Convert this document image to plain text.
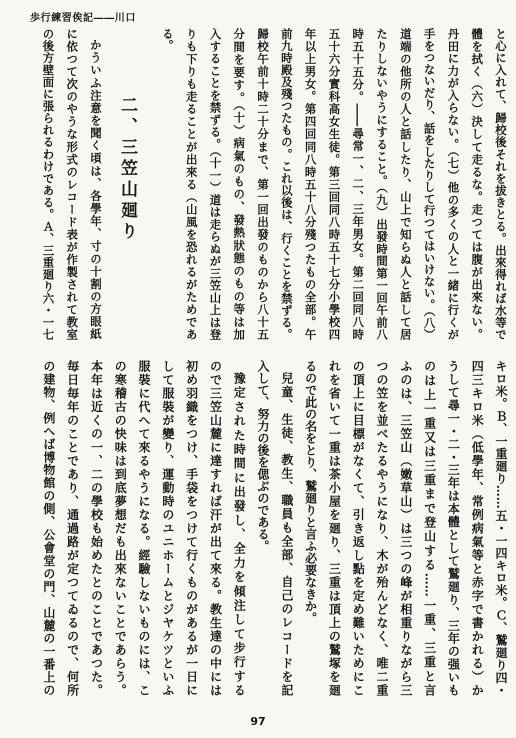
歩行練習俟記――川口
と心に入れて、歸校後それを拔きとる。出來得れば水等で
體を拭く（六）決して走るな。走つては腹が出來ない。
丹田に力が入らない。（七）他の多くの人と一緒に行くが
手をつないだり、話をしたりして行つてはいけない。（八）
道端の他所の人と話したり、山上で知らぬ人と話して居
たりしないやうにすること。（九）出發時間第一回午前八
時五十五分。――尋常一、二、三年男女。第二回同八時
五十六分實科高女生徒。第三回同八時五十七分小學校四
年以上男女。第四回同八時五十八分殘つたもの全部。午
前九時殿及殘つたもの。これ以後は、行くことを禁ずる。
歸校午前十時二十分まで、第一回出發のものから八十五
分間を要す。（十）病氣のもの、發熱狀態のもの等は加
入することを禁ずる。（十一）道は走らぬが三笠山上は登
りも下りも走ることが出來る（山風を恐れるがためであ
る。
二、三笠山廻り
かういふ注意を聞く頃は、各學年、寸の十割の方眼紙
に依つて次のやうな形式のレコード表が作製されて教室
の後方壁面に張られるわけである。Ａ、三重廻り六・一七
キロ米。Ｂ、一重廻り……五・一四キロ米。Ｃ、鷲廻り四・
四三キロ米（低學年、常例病氣等と赤字で書かれる）か
うして尋一・二・三年は本體として鷲廻り、三年の强いも
のは上一重又は三重まで登山する……一重、三重と言
ふのは、三笠山（嫩草山）は三つの峰が相重りながら三
つの笠を並べたるやうになり、木が殆んどなく、唯二重
の頂上に目標がなくて、引き返し點を定め難いためにこ
れを省いて一重は茶小屋を廻り、三重は頂上の鷲塚を廻
るので此の名をとり、鷲廻りと言ふ必要なきか。
兒童、生徒、教生、職員も全部、自己のレコードを記
入して、努力の後を偲ぶのである。
豫定された時間に出發し、全力を傾注して步行する
ので三笠山麓に達すれば汗が出て來る。教生達の中には
初め羽織をつけ、手袋をつけて行くものがあるが一日に
して服裝が變り、運動時のユニホームとジヤケツといふ
服裝に代へて來るやうになる。經驗しないものには、こ
の寒稽古の快味は到底夢想だも出來ないことであらう。
本年は近くの一、二の學校も始めたとのことであつた。
毎日毎年のことであり、通過路が定つてゐるので、何所
の建物、例へば博物館の側、公會堂の門、山麓の一番上の
97
